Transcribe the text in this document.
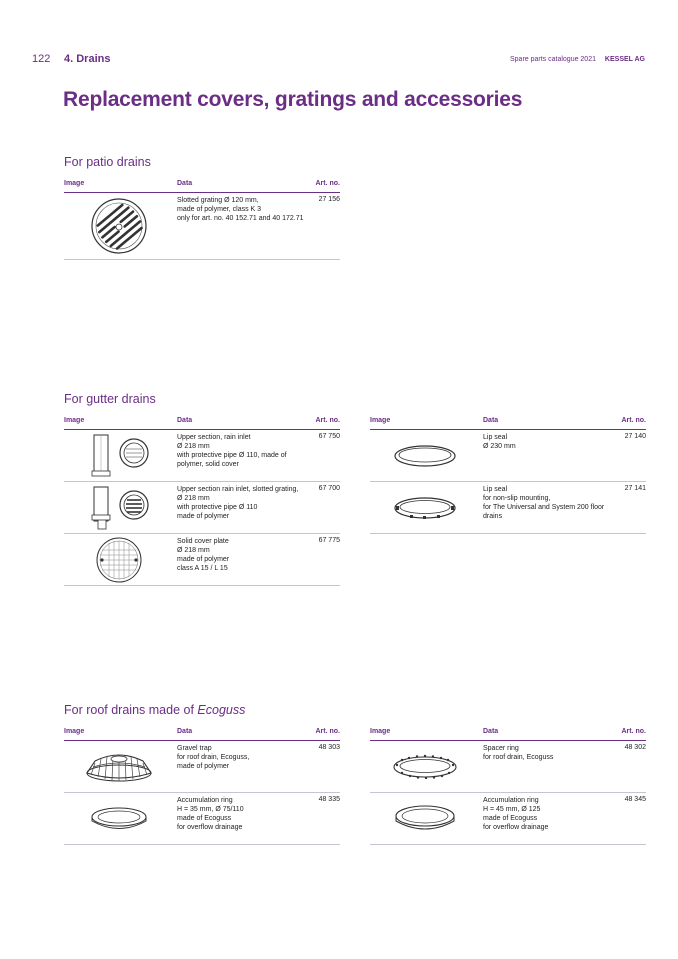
122 4. Drains	Spare parts catalogue 2021 KESSEL AG
Replacement covers, gratings and accessories
For patio drains
Image	Data	Art. no.
Slotted grating Ø 120 mm,
made of polymer, class K 3
only for art. no. 40 152.71 and 40 172.71
27 156
For gutter drains
Image	Data	Art. no.
Upper section, rain inlet
Ø 218 mm
with protective pipe Ø 110, made of
polymer, solid cover
67 750
Upper section rain inlet, slotted grating,
Ø 218 mm
with protective pipe Ø 110
made of polymer
67 700
Solid cover plate
Ø 218 mm
made of polymer
class A 15 / L 15
67 775
Image	Data	Art. no.
Lip seal
Ø 230 mm
27 140
Lip seal
for non-slip mounting,
for The Universal and System 200 floor
drains
27 141
For roof drains made of Ecoguss
Image	Data	Art. no.
Gravel trap
for roof drain, Ecoguss,
made of polymer
48 303
Accumulation ring
H = 35 mm, Ø 75/110
made of Ecoguss
for overflow drainage
48 335
Image	Data	Art. no.
Spacer ring
for roof drain, Ecoguss
48 302
Accumulation ring
H = 45 mm, Ø 125
made of Ecoguss
for overflow drainage
48 345
